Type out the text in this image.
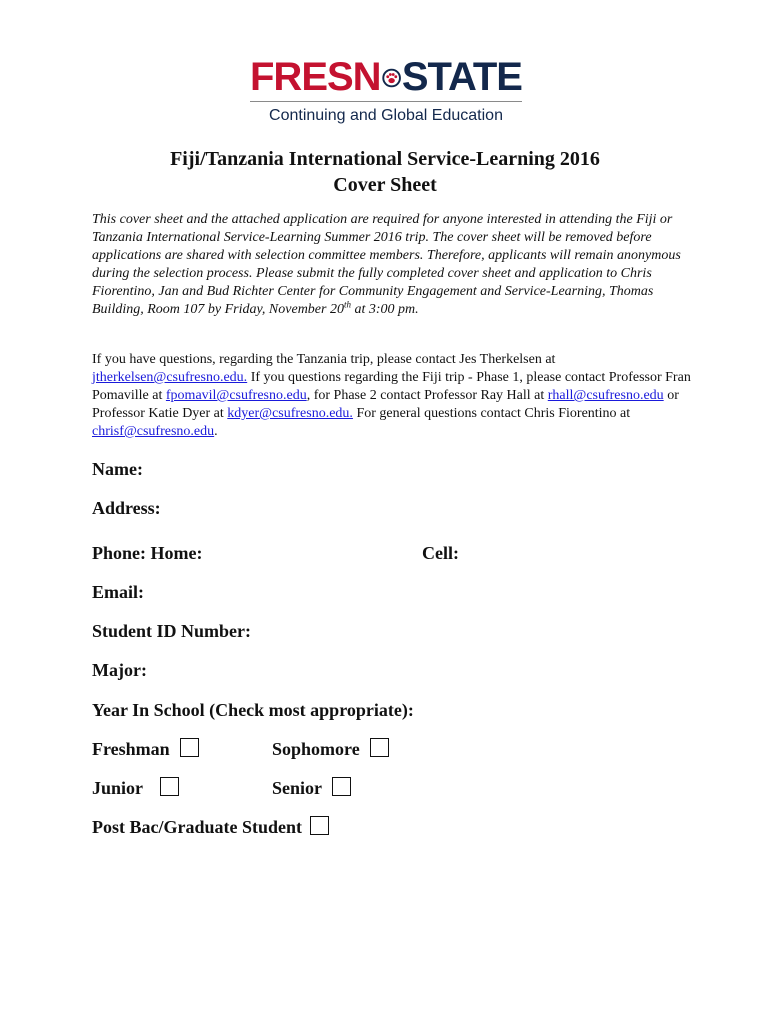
FRESN STATE
Continuing and Global Education
Fiji/Tanzania International Service-Learning 2016
Cover Sheet
This cover sheet and the attached application are required for anyone interested in attending the Fiji or Tanzania International Service-Learning Summer 2016 trip. The cover sheet will be removed before applications are shared with selection committee members. Therefore, applicants will remain anonymous during the selection process. Please submit the fully completed cover sheet and application to Chris Fiorentino, Jan and Bud Richter Center for Community Engagement and Service-Learning, Thomas Building, Room 107 by Friday, November 20th at 3:00 pm.
If you have questions, regarding the Tanzania trip, please contact Jes Therkelsen at jtherkelsen@csufresno.edu. If you questions regarding the Fiji trip - Phase 1, please contact Professor Fran Pomaville at fpomavil@csufresno.edu, for Phase 2 contact Professor Ray Hall at rhall@csufresno.edu or Professor Katie Dyer at kdyer@csufresno.edu. For general questions contact Chris Fiorentino at chrisf@csufresno.edu.
Name:
Address:
Phone: Home:	Cell:
Email:
Student ID Number:
Major:
Year In School (Check most appropriate):
Freshman	Sophomore
Junior	Senior
Post Bac/Graduate Student
